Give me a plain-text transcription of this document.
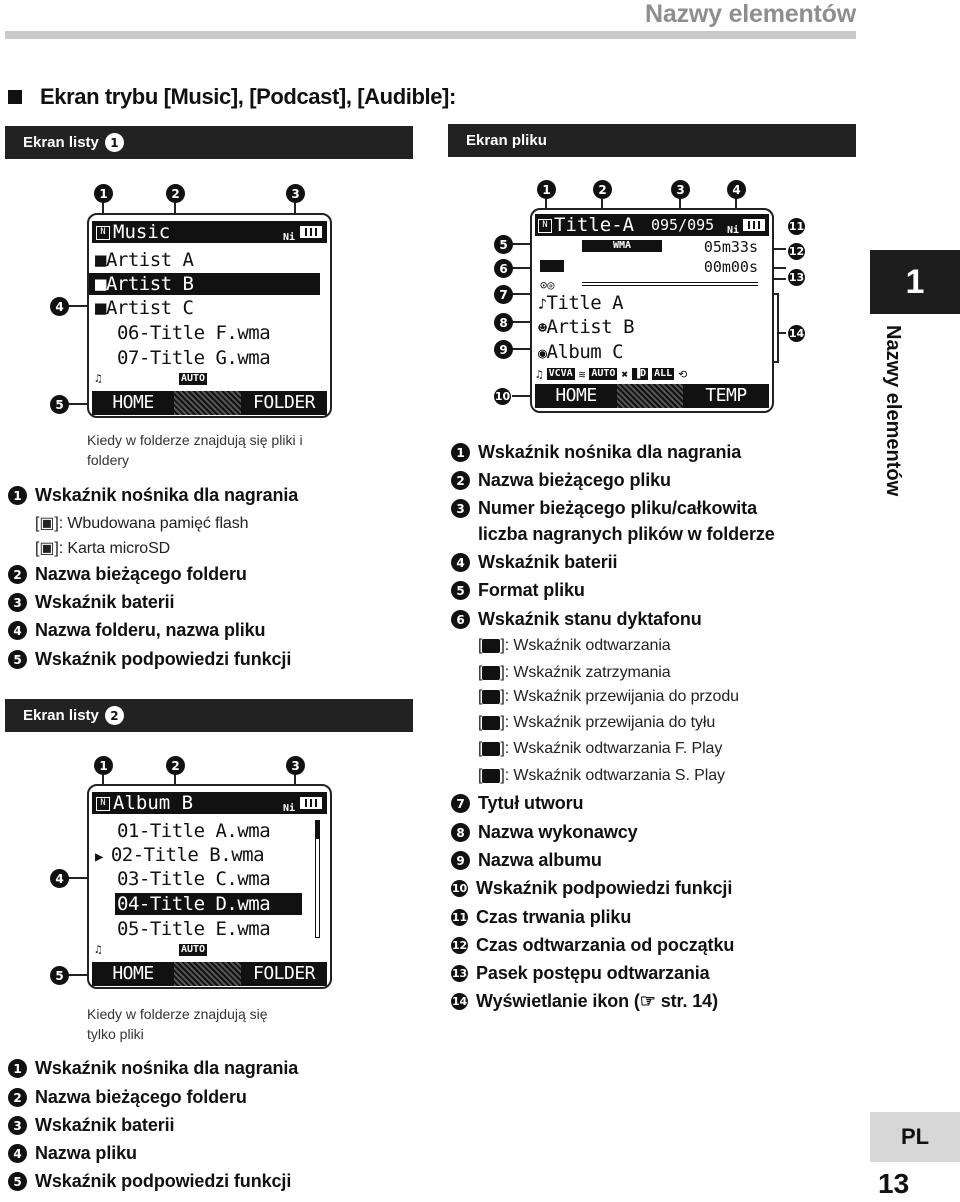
Nazwy elementów
Ekran trybu [Music], [Podcast], [Audible]:
Ekran listy 1	Ekran pliku
Ekran listy 2
N Music	Ni
■Artist A
■Artist B
■Artist C
06-Title F.wma
07-Title G.wma
♫	AUTO
HOME	FOLDER
1	2	3
4
5
Kiedy w folderze znajdują się pliki i foldery
1 Wskaźnik nośnika dla nagrania
[▣]: Wbudowana pamięć flash
[▣]: Karta microSD
2 Nazwa bieżącego folderu
3 Wskaźnik baterii
4 Nazwa folderu, nazwa pliku
5 Wskaźnik podpowiedzi funkcji
N Album B	Ni
01-Title A.wma
▶ 02-Title B.wma
03-Title C.wma
04-Title D.wma
05-Title E.wma
♫	AUTO
HOME	FOLDER
1	2	3
4
5
Kiedy w folderze znajdują się tylko pliki
1 Wskaźnik nośnika dla nagrania
2 Nazwa bieżącego folderu
3 Wskaźnik baterii
4 Nazwa pliku
5 Wskaźnik podpowiedzi funkcji
N Title-A 095/095 Ni
WMA	05m33s
00m00s
⊙◎
♪Title A
☻Artist B
◉Album C
♫ VCVA ≋ AUTO ✖ ▐D ALL ⟲
HOME	TEMP
1	2	3	4
5
6
7
8
9
10
11
12
13
14
1 Wskaźnik nośnika dla nagrania
2 Nazwa bieżącego pliku
3 Numer bieżącego pliku/całkowita
liczba nagranych plików w folderze
4 Wskaźnik baterii
5 Format pliku
6 Wskaźnik stanu dyktafonu
[ ]: Wskaźnik odtwarzania
[ ]: Wskaźnik zatrzymania
[ ]: Wskaźnik przewijania do przodu
[ ]: Wskaźnik przewijania do tyłu
[ ]: Wskaźnik odtwarzania F. Play
[ ]: Wskaźnik odtwarzania S. Play
7 Tytuł utworu
8 Nazwa wykonawcy
9 Nazwa albumu
10 Wskaźnik podpowiedzi funkcji
11 Czas trwania pliku
12 Czas odtwarzania od początku
13 Pasek postępu odtwarzania
14 Wyświetlanie ikon (☞ str. 14)
1
Nazwy elementów
PL
13
